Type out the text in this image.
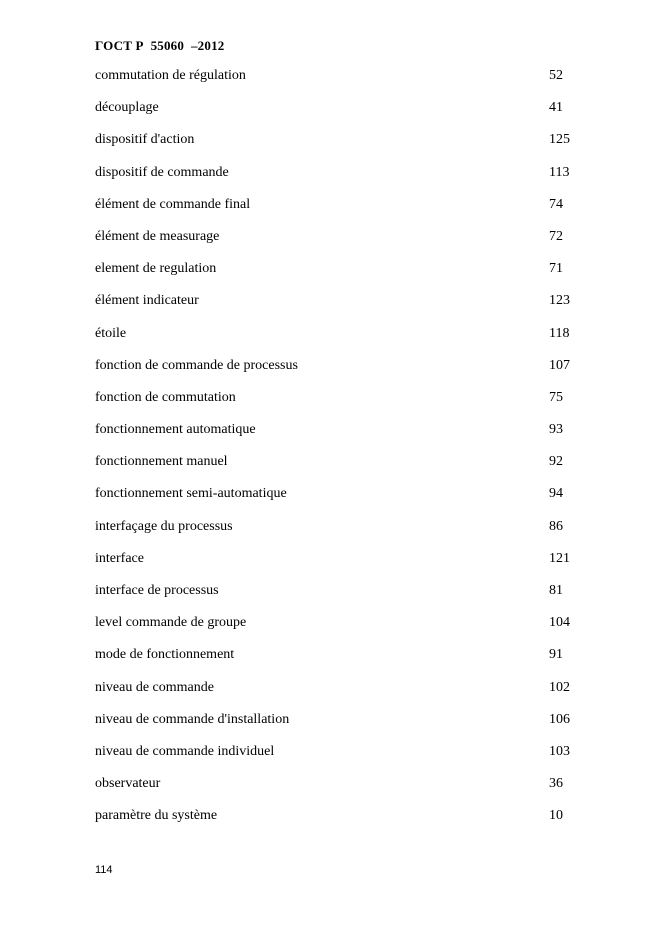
ГОСТ Р  55060  –2012
commutation de régulation	52
découplage	41
dispositif d'action	125
dispositif de commande	113
élément de commande final	74
élément de measurage	72
element de regulation	71
élément indicateur	123
étoile	118
fonction de commande de processus	107
fonction de commutation	75
fonctionnement automatique	93
fonctionnement manuel	92
fonctionnement semi-automatique	94
interfaçage du processus	86
interface	121
interface de processus	81
level commande de groupe	104
mode de fonctionnement	91
niveau de commande	102
niveau de commande d'installation	106
niveau de commande individuel	103
observateur	36
paramètre du système	10
114
